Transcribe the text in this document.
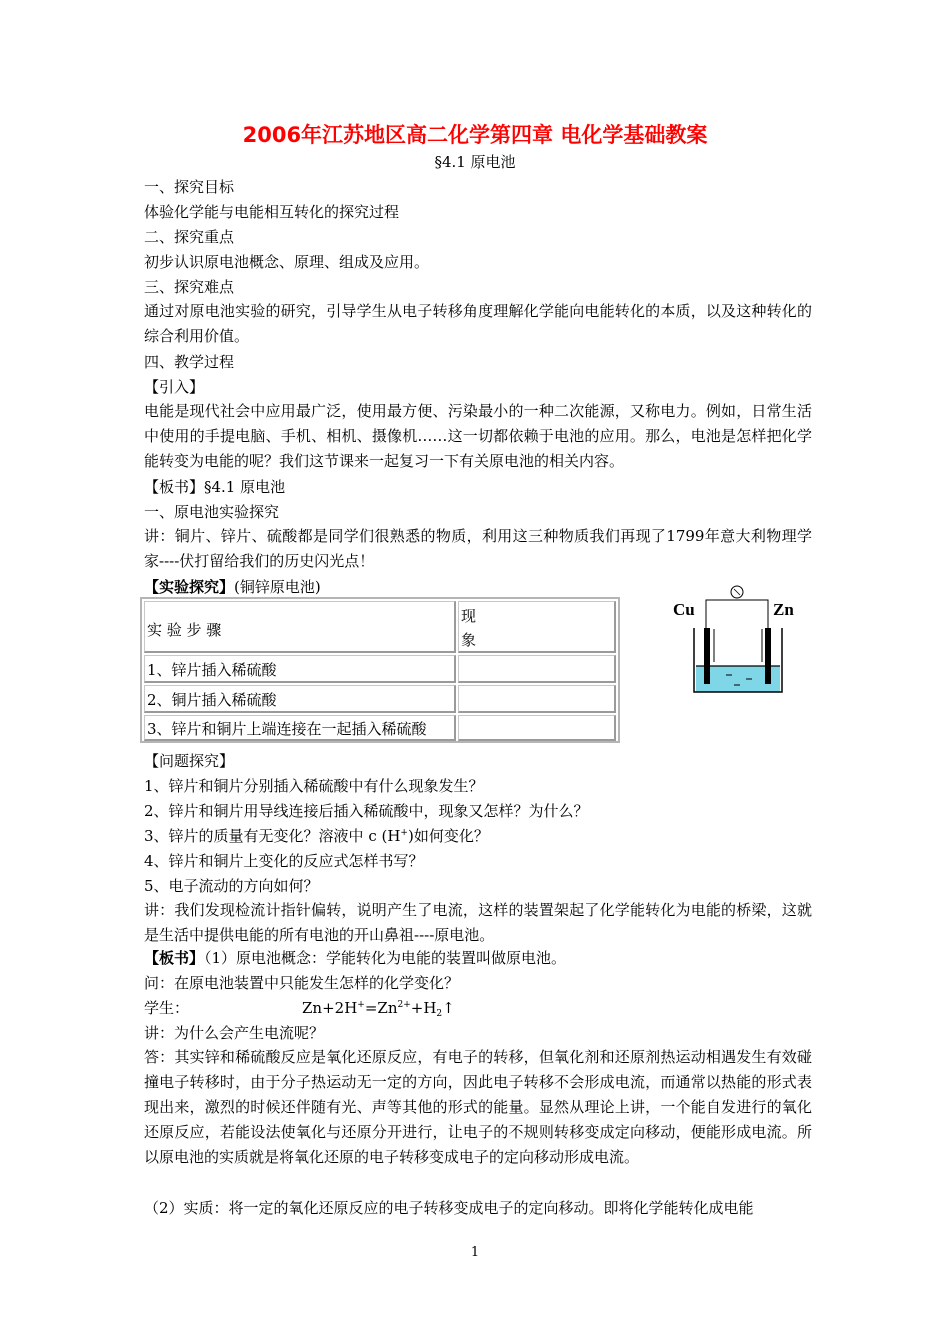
2006年江苏地区高二化学第四章 电化学基础教案
§4.1 原电池
一、探究目标
体验化学能与电能相互转化的探究过程
二、探究重点
初步认识原电池概念、原理、组成及应用。
三、探究难点
通过对原电池实验的研究，引导学生从电子转移角度理解化学能向电能转化的本质，以及这种转化的综合利用价值。
四、教学过程
【引入】
电能是现代社会中应用最广泛，使用最方便、污染最小的一种二次能源，又称电力。例如，日常生活中使用的手提电脑、手机、相机、摄像机……这一切都依赖于电池的应用。那么，电池是怎样把化学能转变为电能的呢？我们这节课来一起复习一下有关原电池的相关内容。
【板书】§4.1 原电池
一、原电池实验探究
讲：铜片、锌片、硫酸都是同学们很熟悉的物质，利用这三种物质我们再现了1799年意大利物理学家----伏打留给我们的历史闪光点！
【实验探究】(铜锌原电池)
实 验 步 骤
现
象
1、锌片插入稀硫酸
2、铜片插入稀硫酸
3、锌片和铜片上端连接在一起插入稀硫酸
Cu	Zn
【问题探究】
1、锌片和铜片分别插入稀硫酸中有什么现象发生？
2、锌片和铜片用导线连接后插入稀硫酸中，现象又怎样？为什么？
3、锌片的质量有无变化？溶液中 c (H+)如何变化？
4、锌片和铜片上变化的反应式怎样书写？
5、电子流动的方向如何？
讲：我们发现检流计指针偏转，说明产生了电流，这样的装置架起了化学能转化为电能的桥梁，这就是生活中提供电能的所有电池的开山鼻祖----原电池。
【板书】（1）原电池概念：学能转化为电能的装置叫做原电池。
问：在原电池装置中只能发生怎样的化学变化？
学生：	$Zn+2H^+=Zn^{2+}+H_2↑$
讲：为什么会产生电流呢？
答：其实锌和稀硫酸反应是氧化还原反应，有电子的转移，但氧化剂和还原剂热运动相遇发生有效碰撞电子转移时，由于分子热运动无一定的方向，因此电子转移不会形成电流，而通常以热能的形式表现出来，激烈的时候还伴随有光、声等其他的形式的能量。显然从理论上讲，一个能自发进行的氧化还原反应，若能设法使氧化与还原分开进行，让电子的不规则转移变成定向移动，便能形成电流。所以原电池的实质就是将氧化还原的电子转移变成电子的定向移动形成电流。
（2）实质：将一定的氧化还原反应的电子转移变成电子的定向移动。即将化学能转化成电能
1
